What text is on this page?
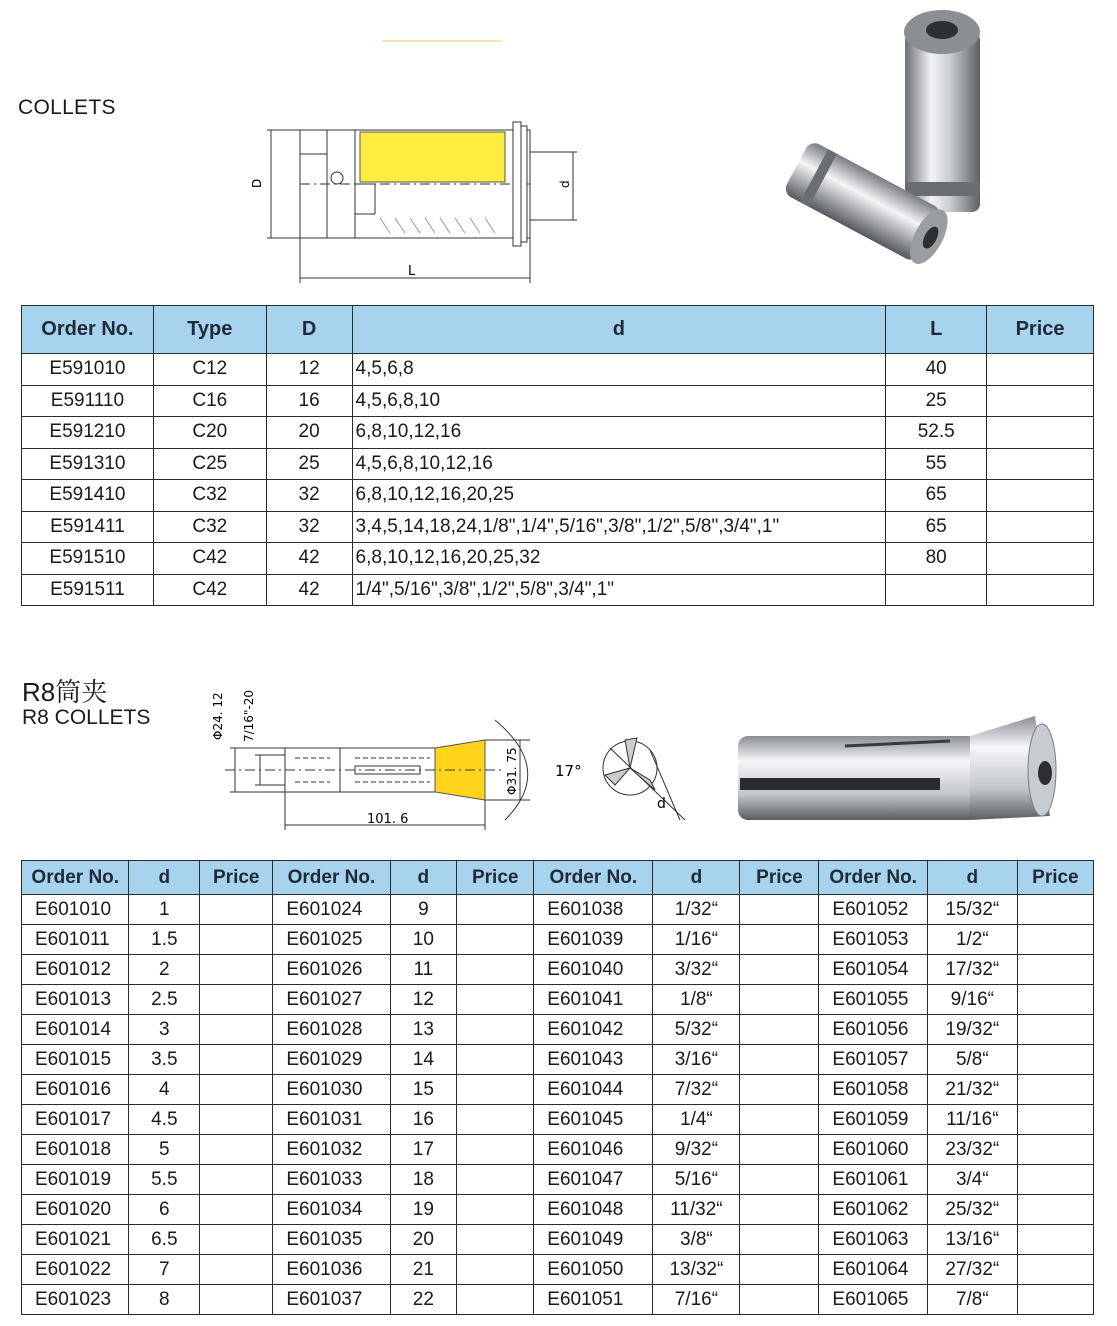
COLLETS
D	d
L
Order No.	Type	D	d	L	Price
E591010	C12	12	4,5,6,8	40	
E591110	C16	16	4,5,6,8,10	25	
E591210	C20	20	6,8,10,12,16	52.5	
E591310	C25	25	4,5,6,8,10,12,16	55	
E591410	C32	32	6,8,10,12,16,20,25	65	
E591411	C32	32	3,4,5,14,18,24,1/8",1/4",5/16",3/8",1/2",5/8",3/4",1"	65	
E591510	C42	42	6,8,10,12,16,20,25,32	80	
E591511	C42	42	1/4",5/16",3/8",1/2",5/8",3/4",1"		
R8筒夹
R8 COLLETS	Φ24. 12 7/16"-20
Φ31. 75
101. 6
17°
d
Order No.	d	Price	Order No.	d	Price	Order No.	d	Price	Order No.	d	Price
E601010	1		E601024	9		E601038	1/32“		E601052	15/32“	
E601011	1.5		E601025	10		E601039	1/16“		E601053	1/2“	
E601012	2		E601026	11		E601040	3/32“		E601054	17/32“	
E601013	2.5		E601027	12		E601041	1/8“		E601055	9/16“	
E601014	3		E601028	13		E601042	5/32“		E601056	19/32“	
E601015	3.5		E601029	14		E601043	3/16“		E601057	5/8“	
E601016	4		E601030	15		E601044	7/32“		E601058	21/32“	
E601017	4.5		E601031	16		E601045	1/4“		E601059	11/16“	
E601018	5		E601032	17		E601046	9/32“		E601060	23/32“	
E601019	5.5		E601033	18		E601047	5/16“		E601061	3/4“	
E601020	6		E601034	19		E601048	11/32“		E601062	25/32“	
E601021	6.5		E601035	20		E601049	3/8“		E601063	13/16“	
E601022	7		E601036	21		E601050	13/32“		E601064	27/32“	
E601023	8		E601037	22		E601051	7/16“		E601065	7/8“	
